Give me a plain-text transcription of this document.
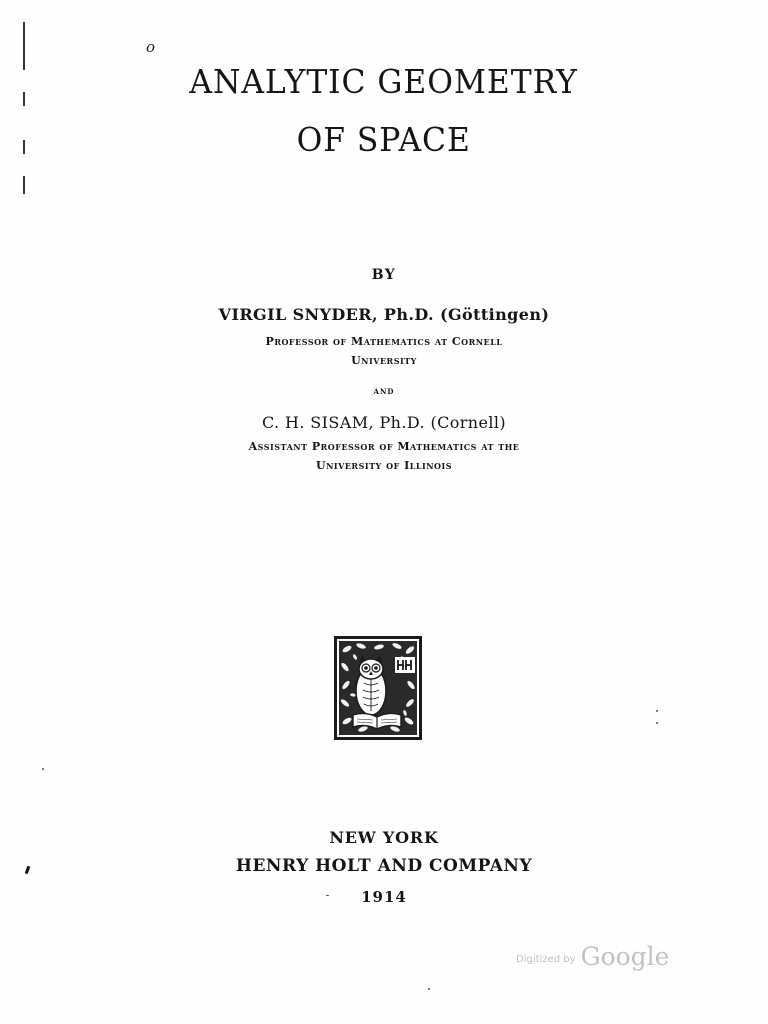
o
ANALYTIC GEOMETRY
OF SPACE
BY
VIRGIL SNYDER, Ph.D. (Göttingen)
Professor of Mathematics at Cornell
University
and
C. H. SISAM, Ph.D. (Cornell)
Assistant Professor of Mathematics at the
University of Illinois
NEW YORK
HENRY HOLT AND COMPANY
1914
Digitized by Google
